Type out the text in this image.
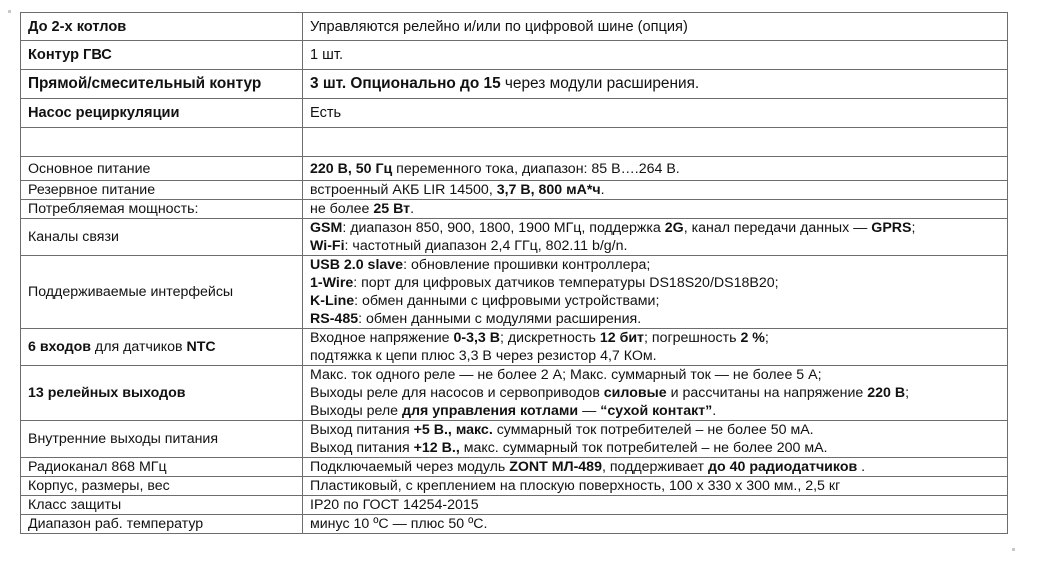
До 2-х котлов	Управляются релейно и/или по цифровой шине (опция)

Контур ГВС	1 шт.

Прямой/смесительный контур	3 шт. Опционально до 15 через модули расширения.

Насос рециркуляции	Есть

Основное питание	220 В, 50 Гц переменного тока, диапазон: 85 В….264 В.

Резервное питание	встроенный АКБ LIR 14500, 3,7 В, 800 мА*ч.

Потребляемая мощность:	не более 25 Вт.

Каналы связи	GSM: диапазон 850, 900, 1800, 1900 МГц, поддержка 2G, канал передачи данных — GPRS;
Wi-Fi: частотный диапазон 2,4 ГГц, 802.11 b/g/n.

Поддерживаемые интерфейсы	USB 2.0 slave: обновление прошивки контроллера;
1-Wire: порт для цифровых датчиков температуры DS18S20/DS18B20;
K-Line: обмен данными с цифровыми устройствами;
RS-485: обмен данными с модулями расширения.

6 входов для датчиков NTC	Входное напряжение 0-3,3 В; дискретность 12 бит; погрешность 2 %;
подтяжка к цепи плюс 3,3 В через резистор 4,7 КОм.

13 релейных выходов	Макс. ток одного реле — не более 2 А; Макс. суммарный ток — не более 5 А;
Выходы реле для насосов и сервоприводов силовые и рассчитаны на напряжение 220 В;
Выходы реле для управления котлами — “сухой контакт”.

Внутренние выходы питания	Выход питания +5 В., макс. суммарный ток потребителей – не более 50 мА.
Выход питания +12 В., макс. суммарный ток потребителей – не более 200 мА.

Радиоканал 868 МГц	Подключаемый через модуль ZONT МЛ-489, поддерживает до 40 радиодатчиков .

Корпус, размеры, вес	Пластиковый, с креплением на плоскую поверхность, 100 х 330 х 300 мм., 2,5 кг

Класс защиты	IP20 по ГОСТ 14254-2015

Диапазон раб. температур	минус 10 ºС — плюс 50 ºС.
